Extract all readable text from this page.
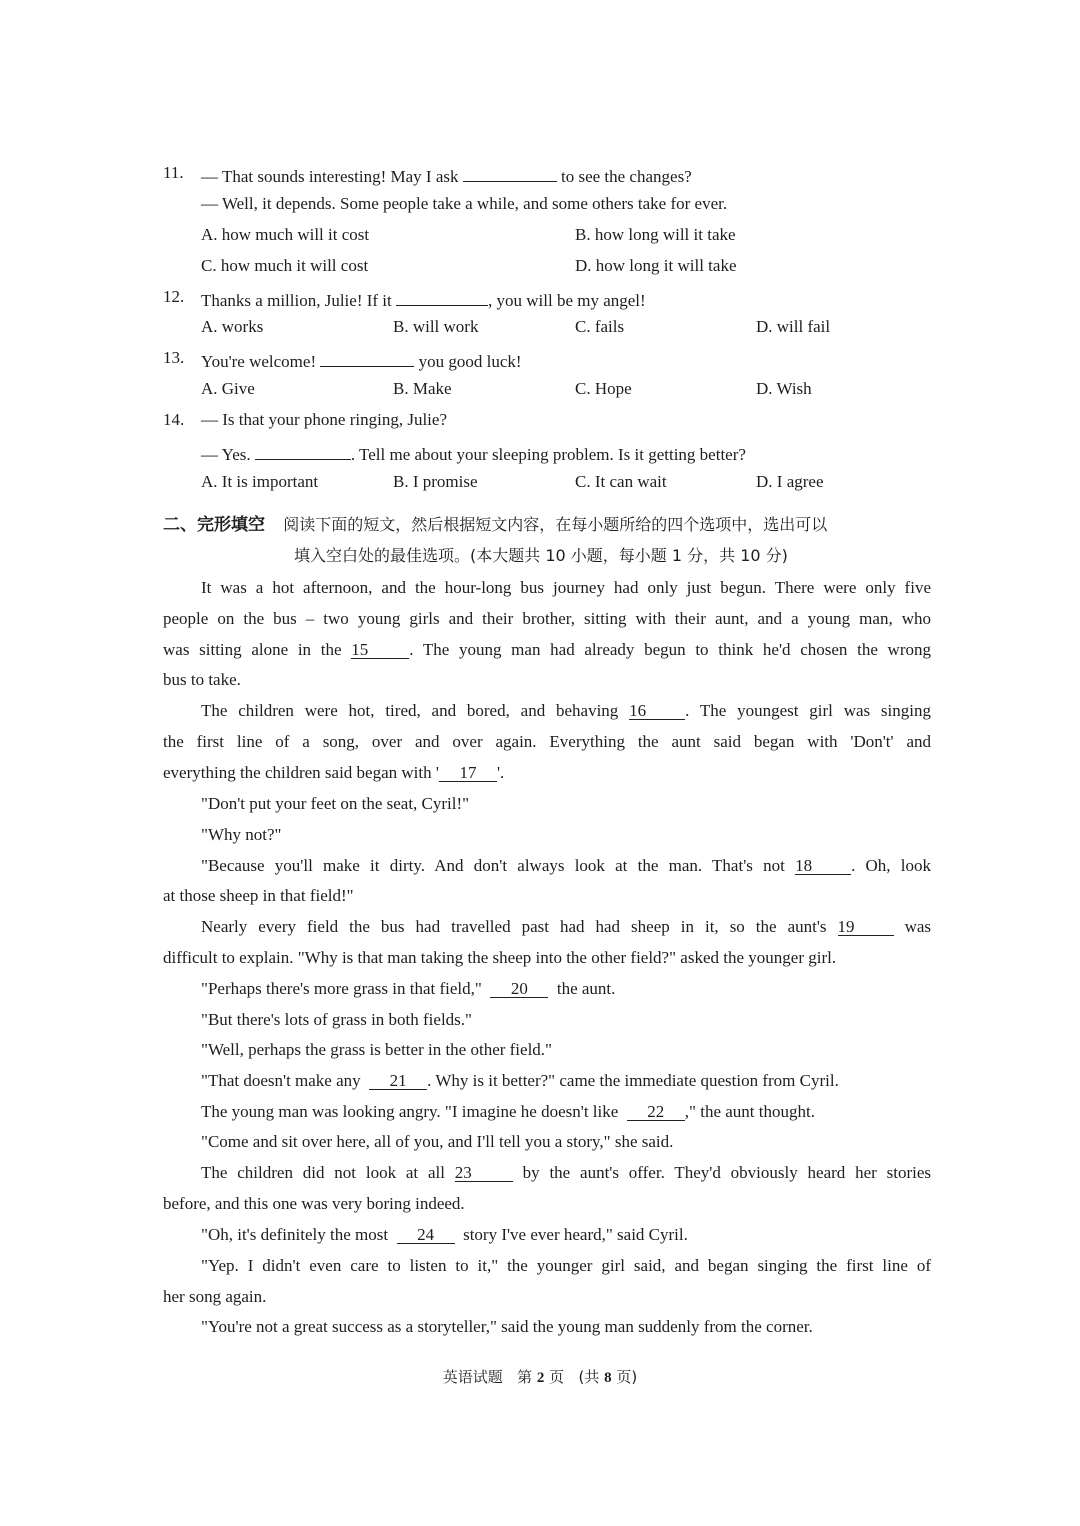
11. — That sounds interesting! May I ask	to see the changes?
— Well, it depends. Some people take a while, and some others take for ever.
A. how much will it cost	B. how long will it take
C. how much it will cost	D. how long it will take
12. Thanks a million, Julie! If it	, you will be my angel!
A. works	B. will work	C. fails	D. will fail
13. You're welcome!	you good luck!
A. Give	B. Make	C. Hope	D. Wish
14. — Is that your phone ringing, Julie?
— Yes.	. Tell me about your sleeping problem. Is it getting better?
A. It is important	B. I promise	C. It can wait	D. I agree
二、完形填空 阅读下面的短文，然后根据短文内容，在每小题所给的四个选项中，选出可以
填入空白处的最佳选项。(本大题共 10 小题，每小题 1 分，共 10 分)
It was a hot afternoon, and the hour-long bus journey had only just begun. There were only five
people on the bus – two young girls and their brother, sitting with their aunt, and a young man, who
was sitting alone in the 15 . The young man had already begun to think he'd chosen the wrong
bus to take.
The children were hot, tired, and bored, and behaving 16 . The youngest girl was singing
the first line of a song, over and over again. Everything the aunt said began with 'Don't' and
everything the children said began with ' 17 '.
"Don't put your feet on the seat, Cyril!"
"Why not?"
"Because you'll make it dirty. And don't always look at the man. That's not 18 . Oh, look
at those sheep in that field!"
Nearly every field the bus had travelled past had had sheep in it, so the aunt's 19	was
difficult to explain. "Why is that man taking the sheep into the other field?" asked the younger girl.
"Perhaps there's more grass in that field," 20 the aunt.
"But there's lots of grass in both fields."
"Well, perhaps the grass is better in the other field."
"That doesn't make any 21 . Why is it better?" came the immediate question from Cyril.
The young man was looking angry. "I imagine he doesn't like 22 ," the aunt thought.
"Come and sit over here, all of you, and I'll tell you a story," she said.
The children did not look at all 23	by the aunt's offer. They'd obviously heard her stories
before, and this one was very boring indeed.
"Oh, it's definitely the most 24 story I've ever heard," said Cyril.
"Yep. I didn't even care to listen to it," the younger girl said, and began singing the first line of
her song again.
"You're not a great success as a storyteller," said the young man suddenly from the corner.
英语试题 第 2 页 (共 8 页)
